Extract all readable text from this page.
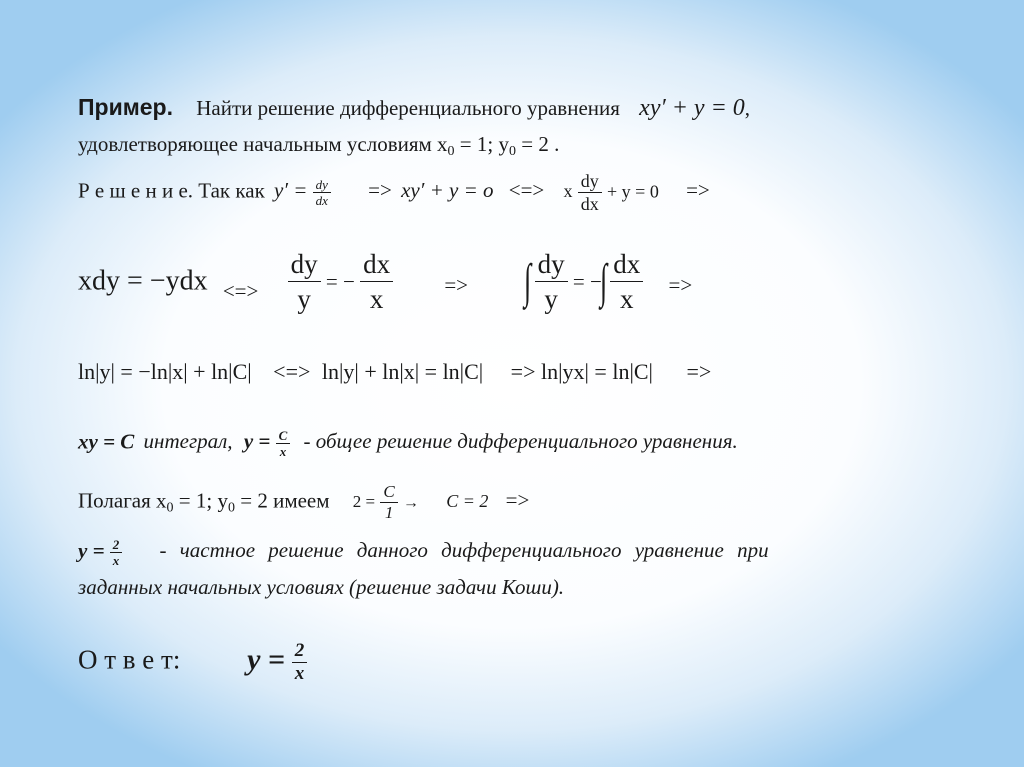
Пример. Найти решение дифференциального уравнения xy′ + y = 0,
удовлетворяющее начальным условиям $x_0 = 1$; $y_0 = 2$ .
Р е ш е н и е. Так как $y' = \frac{dy}{dx} => xy' + y = o$ <=> x $\frac{dy}{dx} + y = 0$ =>
xdy = −ydx <=> $\frac{dy}{y}$ = − $\frac{dx}{x}$ => ∫ $\frac{dy}{y}$ = −∫ $\frac{dx}{x}$ =>
ln|y| = −ln|x| + ln|C| <=> ln|y| + ln|x| = ln|C| => ln|yx| = ln|C| =>
xy = C интеграл, $y = \frac{C}{x}$ - общее решение дифференциального уравнения.
Полагая $x_0 = 1$; $y_0 = 2$ имеем $2 = \frac{C}{1} \to C = 2$ =>
$y = \frac{2}{x}$ - частное решение данного дифференциального уравнение при
заданных начальных условиях (решение задачи Коши).
О т в е т: $y = \frac{2}{x}$
